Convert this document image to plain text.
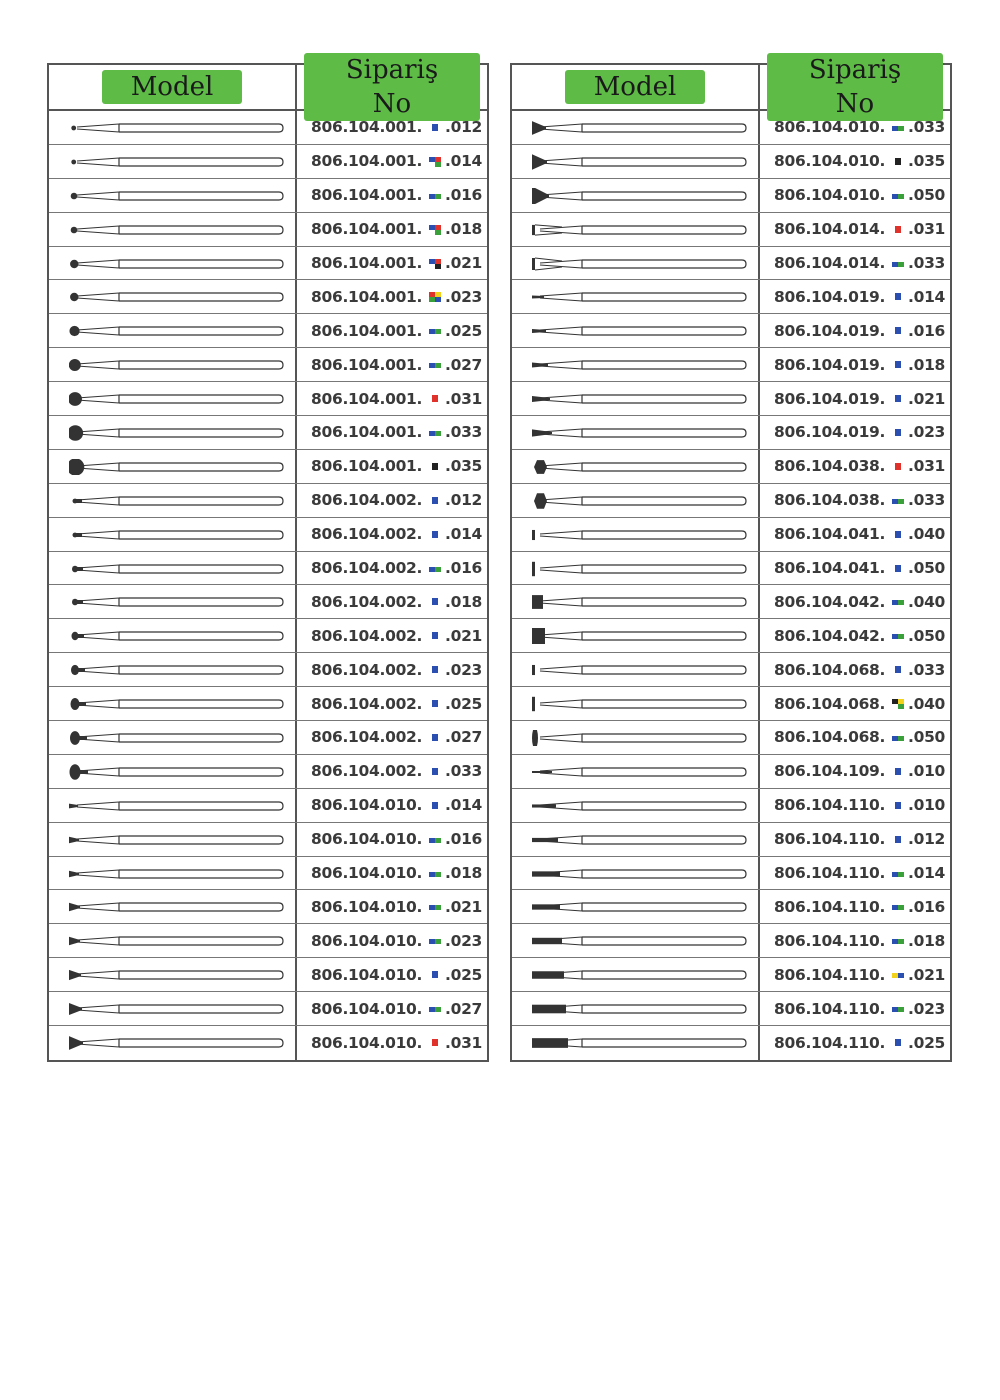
Model
Sipariş No
806.104.001. .012
806.104.001. .014
806.104.001. .016
806.104.001. .018
806.104.001. .021
806.104.001. .023
806.104.001. .025
806.104.001. .027
806.104.001. .031
806.104.001. .033
806.104.001. .035
806.104.002. .012
806.104.002. .014
806.104.002. .016
806.104.002. .018
806.104.002. .021
806.104.002. .023
806.104.002. .025
806.104.002. .027
806.104.002. .033
806.104.010. .014
806.104.010. .016
806.104.010. .018
806.104.010. .021
806.104.010. .023
806.104.010. .025
806.104.010. .027
806.104.010. .031
Model
Sipariş No
806.104.010. .033
806.104.010. .035
806.104.010. .050
806.104.014. .031
806.104.014. .033
806.104.019. .014
806.104.019. .016
806.104.019. .018
806.104.019. .021
806.104.019. .023
806.104.038. .031
806.104.038. .033
806.104.041. .040
806.104.041. .050
806.104.042. .040
806.104.042. .050
806.104.068. .033
806.104.068. .040
806.104.068. .050
806.104.109. .010
806.104.110. .010
806.104.110. .012
806.104.110. .014
806.104.110. .016
806.104.110. .018
806.104.110. .021
806.104.110. .023
806.104.110. .025
